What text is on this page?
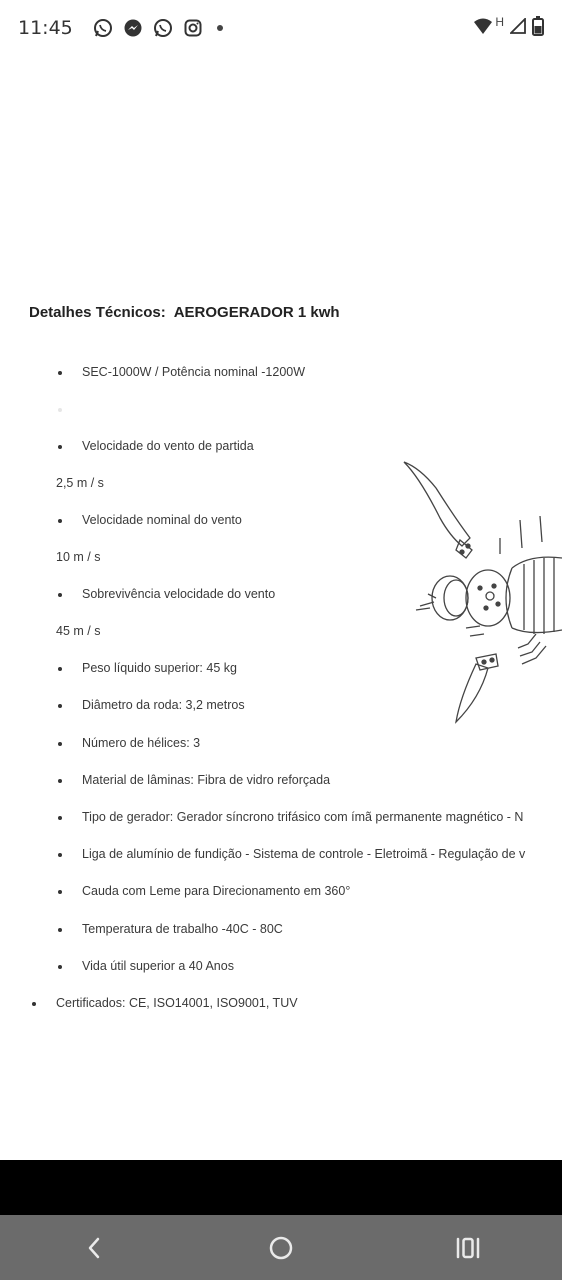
11:45	H
Detalhes Técnicos: AEROGERADOR 1 kwh
SEC-1000W / Potência nominal -1200W

Velocidade do vento de partida
2,5 m / s
Velocidade nominal do vento
10 m / s
Sobrevivência velocidade do vento
45 m / s
Peso líquido superior: 45 kg
Diâmetro da roda: 3,2 metros
Número de hélices: 3
Material de lâminas: Fibra de vidro reforçada
Tipo de gerador: Gerador síncrono trifásico com ímã permanente magnético - N
Liga de alumínio de fundição - Sistema de controle - Eletroimã - Regulação de v
Cauda com Leme para Direcionamento em 360°
Temperatura de trabalho -40C - 80C
Vida útil superior a 40 Anos
Certificados: CE, ISO14001, ISO9001, TUV
